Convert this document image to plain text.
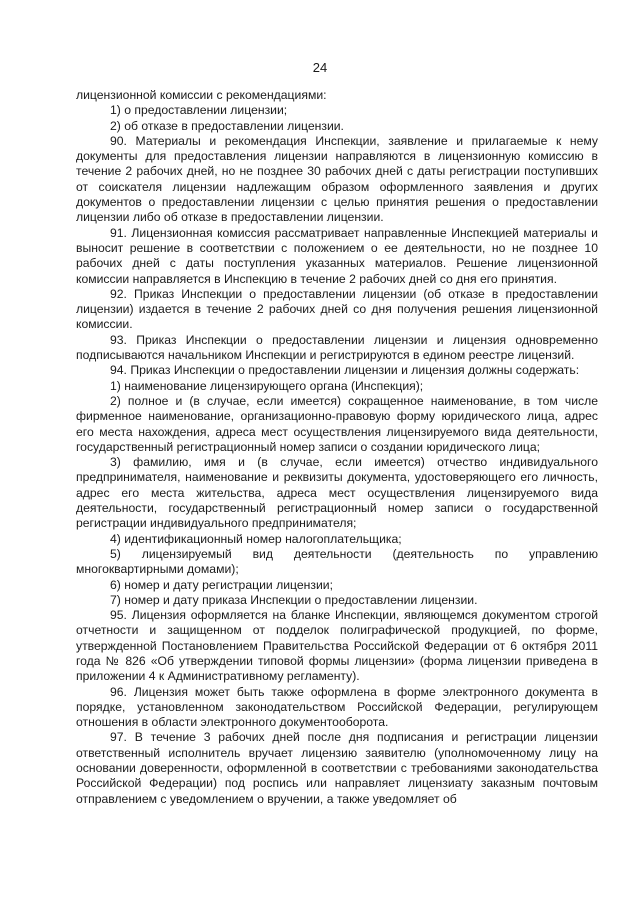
24

лицензионной комиссии с рекомендациями:

1) о предоставлении лицензии;

2) об отказе в предоставлении лицензии.

90. Материалы и рекомендация Инспекции, заявление и прилагаемые к нему документы для предоставления лицензии направляются в лицензионную комиссию в течение 2 рабочих дней, но не позднее 30 рабочих дней с даты регистрации поступивших от соискателя лицензии надлежащим образом оформленного заявления и других документов о предоставлении лицензии с целью принятия решения о предоставлении лицензии либо об отказе в предоставлении лицензии.

91. Лицензионная комиссия рассматривает направленные Инспекцией материалы и выносит решение в соответствии с положением о ее деятельности, но не позднее 10 рабочих дней с даты поступления указанных материалов. Решение лицензионной комиссии направляется в Инспекцию в течение 2 рабочих дней со дня его принятия.

92. Приказ Инспекции о предоставлении лицензии (об отказе в предоставлении лицензии) издается в течение 2 рабочих дней со дня получения решения лицензионной комиссии.

93. Приказ Инспекции о предоставлении лицензии и лицензия одновременно подписываются начальником Инспекции и регистрируются в едином реестре лицензий.

94. Приказ Инспекции о предоставлении лицензии и лицензия должны содержать:

1) наименование лицензирующего органа (Инспекция);

2) полное и (в случае, если имеется) сокращенное наименование, в том числе фирменное наименование, организационно-правовую форму юридического лица, адрес его места нахождения, адреса мест осуществления лицензируемого вида деятельности, государственный регистрационный номер записи о создании юридического лица;

3) фамилию, имя и (в случае, если имеется) отчество индивидуального предпринимателя, наименование и реквизиты документа, удостоверяющего его личность, адрес его места жительства, адреса мест осуществления лицензируемого вида деятельности, государственный регистрационный номер записи о государственной регистрации индивидуального предпринимателя;

4) идентификационный номер налогоплательщика;

5) лицензируемый вид деятельности (деятельность по управлению многоквартирными домами);

6) номер и дату регистрации лицензии;

7) номер и дату приказа Инспекции о предоставлении лицензии.

95. Лицензия оформляется на бланке Инспекции, являющемся документом строгой отчетности и защищенном от подделок полиграфической продукцией, по форме, утвержденной Постановлением Правительства Российской Федерации от 6 октября 2011 года № 826 «Об утверждении типовой формы лицензии» (форма лицензии приведена в приложении 4 к Административному регламенту).

96. Лицензия может быть также оформлена в форме электронного документа в порядке, установленном законодательством Российской Федерации, регулирующем отношения в области электронного документооборота.

97. В течение 3 рабочих дней после дня подписания и регистрации лицензии ответственный исполнитель вручает лицензию заявителю (уполномоченному лицу на основании доверенности, оформленной в соответствии с требованиями законодательства Российской Федерации) под роспись или направляет лицензиату заказным почтовым отправлением с уведомлением о вручении, а также уведомляет об
